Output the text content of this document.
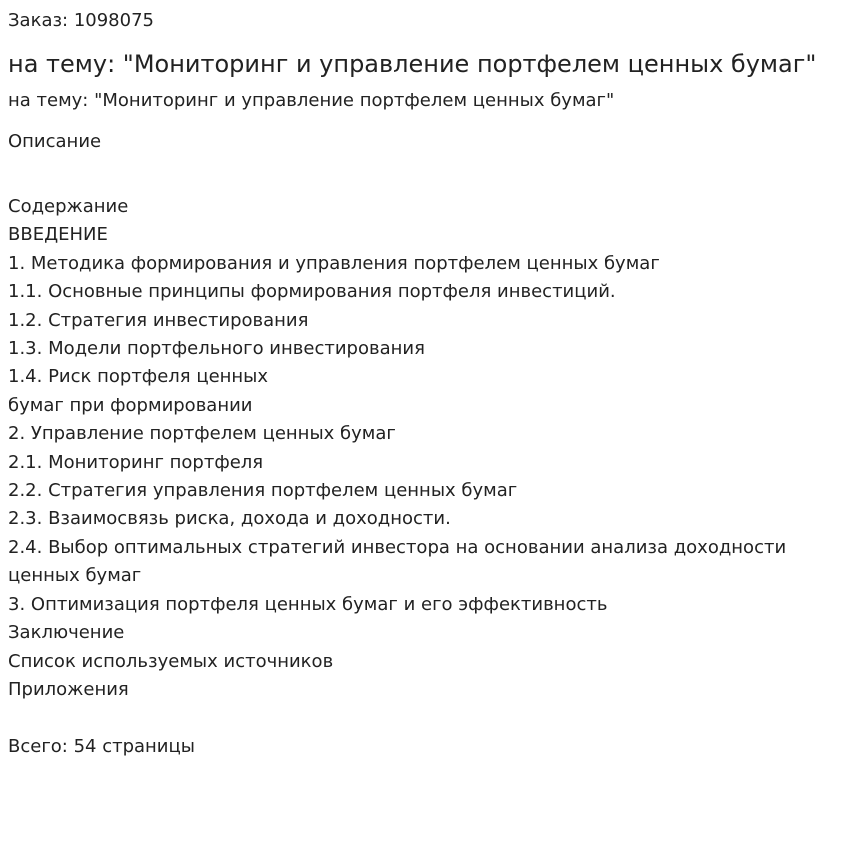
Заказ: 1098075
на тему: "Мониторинг и управление портфелем ценных бумаг"
на тему: "Мониторинг и управление портфелем ценных бумаг"
Описание
Содержание
ВВЕДЕНИЕ
1. Методика формирования и управления портфелем ценных бумаг
1.1. Основные принципы формирования портфеля инвестиций.
1.2. Стратегия инвестирования
1.3. Модели портфельного инвестирования
1.4. Риск портфеля ценных
бумаг при формировании
2. Управление портфелем ценных бумаг
2.1. Мониторинг портфеля
2.2. Стратегия управления портфелем ценных бумаг
2.3. Взаимосвязь риска, дохода и доходности.
2.4. Выбор оптимальных стратегий инвестора на основании анализа доходности ценных бумаг
3. Оптимизация портфеля ценных бумаг и его эффективность
Заключение
Список используемых источников
Приложения
Всего: 54 страницы
